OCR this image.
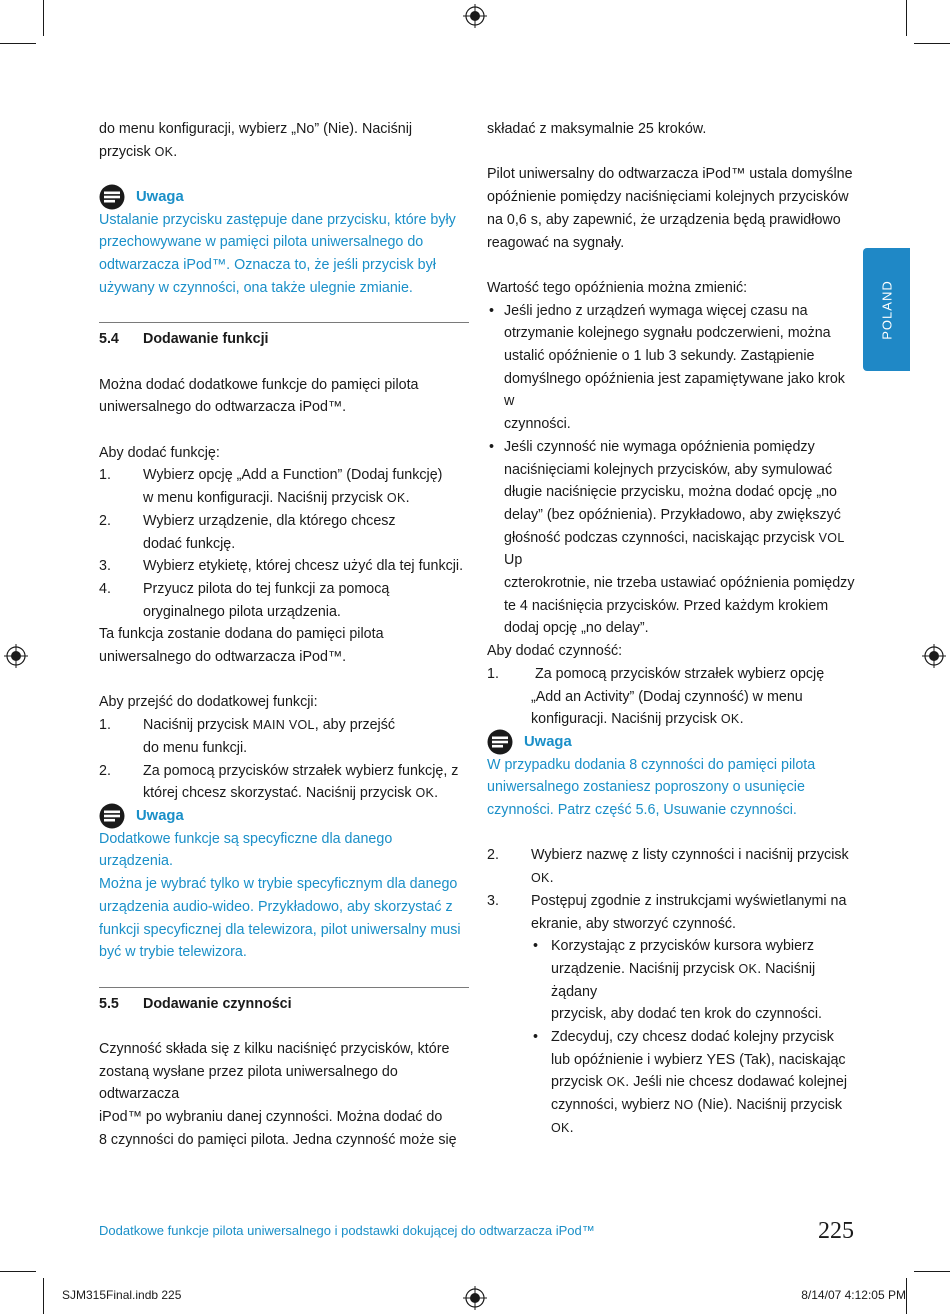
POLAND
do menu konfiguracji, wybierz „No” (Nie). Naciśnij
przycisk OK.
Uwaga
Ustalanie przycisku zastępuje dane przycisku, które były
przechowywane w pamięci pilota uniwersalnego do
odtwarzacza iPod™. Oznacza to, że jeśli przycisk był
używany w czynności, ona także ulegnie zmianie.
5.4	Dodawanie funkcji
Można dodać dodatkowe funkcje do pamięci pilota
uniwersalnego do odtwarzacza iPod™.
Aby dodać funkcję:
1. Wybierz opcję „Add a Function” (Dodaj funkcję)
w menu konfiguracji. Naciśnij przycisk OK.
2. Wybierz urządzenie, dla którego chcesz
dodać funkcję.
3. Wybierz etykietę, której chcesz użyć dla tej funkcji.
4. Przyucz pilota do tej funkcji za pomocą
oryginalnego pilota urządzenia.
Ta funkcja zostanie dodana do pamięci pilota
uniwersalnego do odtwarzacza iPod™.
Aby przejść do dodatkowej funkcji:
1. Naciśnij przycisk MAIN VOL, aby przejść
do menu funkcji.
2. Za pomocą przycisków strzałek wybierz funkcję, z
której chcesz skorzystać. Naciśnij przycisk OK.
Uwaga
Dodatkowe funkcje są specyficzne dla danego urządzenia.
Można je wybrać tylko w trybie specyficznym dla danego
urządzenia audio-wideo. Przykładowo, aby skorzystać z
funkcji specyficznej dla telewizora, pilot uniwersalny musi
być w trybie telewizora.
5.5	Dodawanie czynności
Czynność składa się z kilku naciśnięć przycisków, które
zostaną wysłane przez pilota uniwersalnego do odtwarzacza
iPod™ po wybraniu danej czynności. Można dodać do
8 czynności do pamięci pilota. Jedna czynność może się
składać z maksymalnie 25 kroków.
Pilot uniwersalny do odtwarzacza iPod™ ustala domyślne
opóźnienie pomiędzy naciśnięciami kolejnych przycisków
na 0,6 s, aby zapewnić, że urządzenia będą prawidłowo
reagować na sygnały.
Wartość tego opóźnienia można zmienić:
• Jeśli jedno z urządzeń wymaga więcej czasu na
otrzymanie kolejnego sygnału podczerwieni, można
ustalić opóźnienie o 1 lub 3 sekundy. Zastąpienie
domyślnego opóźnienia jest zapamiętywane jako krok w
czynności.
• Jeśli czynność nie wymaga opóźnienia pomiędzy
naciśnięciami kolejnych przycisków, aby symulować
długie naciśnięcie przycisku, można dodać opcję „no
delay” (bez opóźnienia). Przykładowo, aby zwiększyć
głośność podczas czynności, naciskając przycisk VOL Up
czterokrotnie, nie trzeba ustawiać opóźnienia pomiędzy
te 4 naciśnięcia przycisków. Przed każdym krokiem
dodaj opcję „no delay”.
Aby dodać czynność:
1. Za pomocą przycisków strzałek wybierz opcję
„Add an Activity” (Dodaj czynność) w menu
konfiguracji. Naciśnij przycisk OK.
Uwaga
W przypadku dodania 8 czynności do pamięci pilota
uniwersalnego zostaniesz poproszony o usunięcie
czynności. Patrz część 5.6, Usuwanie czynności.
2. Wybierz nazwę z listy czynności i naciśnij przycisk
OK.
3. Postępuj zgodnie z instrukcjami wyświetlanymi na
ekranie, aby stworzyć czynność.
• Korzystając z przycisków kursora wybierz
urządzenie. Naciśnij przycisk OK. Naciśnij żądany
przycisk, aby dodać ten krok do czynności.
• Zdecyduj, czy chcesz dodać kolejny przycisk
lub opóźnienie i wybierz YES (Tak), naciskając
przycisk OK. Jeśli nie chcesz dodawać kolejnej
czynności, wybierz NO (Nie). Naciśnij przycisk
OK.
Dodatkowe funkcje pilota uniwersalnego i podstawki dokującej do odtwarzacza iPod™	225
SJM315Final.indb 225	8/14/07 4:12:05 PM
